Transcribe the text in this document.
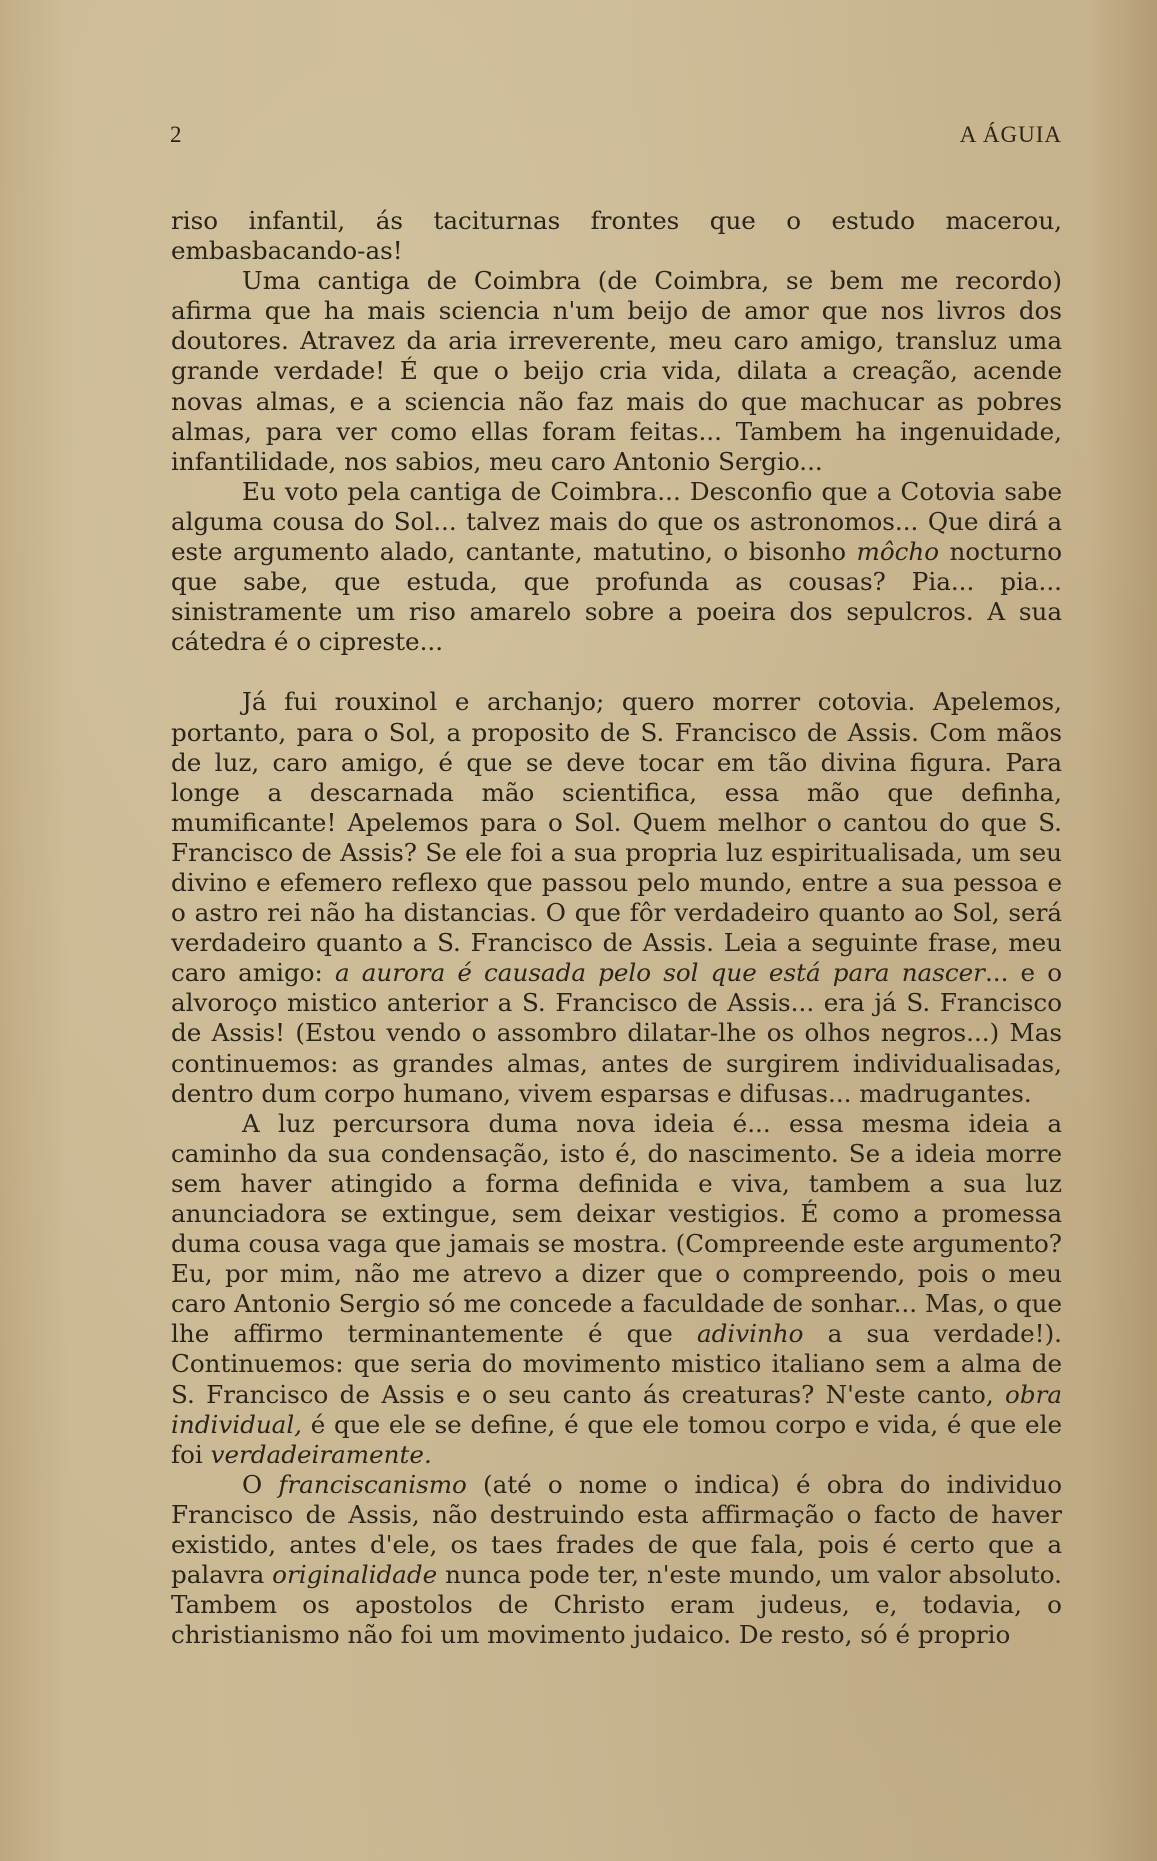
2	A ÁGUIA

riso infantil, ás taciturnas frontes que o estudo macerou, embasbacando-as!

Uma cantiga de Coimbra (de Coimbra, se bem me recordo) afirma que ha mais sciencia n'um beijo de amor que nos livros dos doutores. Atravez da aria irreverente, meu caro amigo, transluz uma grande verdade! É que o beijo cria vida, dilata a creação, acende novas almas, e a sciencia não faz mais do que machucar as pobres almas, para ver como ellas foram feitas... Tambem ha ingenuidade, infantilidade, nos sabios, meu caro Antonio Sergio...

Eu voto pela cantiga de Coimbra... Desconfio que a Cotovia sabe alguma cousa do Sol... talvez mais do que os astronomos... Que dirá a este argumento alado, cantante, matutino, o bisonho môcho nocturno que sabe, que estuda, que profunda as cousas? Pia... pia... sinistramente um riso amarelo sobre a poeira dos sepulcros. A sua cátedra é o cipreste...

Já fui rouxinol e archanjo; quero morrer cotovia. Apelemos, portanto, para o Sol, a proposito de S. Francisco de Assis. Com mãos de luz, caro amigo, é que se deve tocar em tão divina figura. Para longe a descarnada mão scientifica, essa mão que definha, mumificante! Apelemos para o Sol. Quem melhor o cantou do que S. Francisco de Assis? Se ele foi a sua propria luz espiritualisada, um seu divino e efemero reflexo que passou pelo mundo, entre a sua pessoa e o astro rei não ha distancias. O que fôr verdadeiro quanto ao Sol, será verdadeiro quanto a S. Francisco de Assis. Leia a seguinte frase, meu caro amigo: a aurora é causada pelo sol que está para nascer... e o alvoroço mistico anterior a S. Francisco de Assis... era já S. Francisco de Assis! (Estou vendo o assombro dilatar-lhe os olhos negros...) Mas continuemos: as grandes almas, antes de surgirem individualisadas, dentro dum corpo humano, vivem esparsas e difusas... madrugantes.

A luz percursora duma nova ideia é... essa mesma ideia a caminho da sua condensação, isto é, do nascimento. Se a ideia morre sem haver atingido a forma definida e viva, tambem a sua luz anunciadora se extingue, sem deixar vestigios. É como a promessa duma cousa vaga que jamais se mostra. (Compreende este argumento? Eu, por mim, não me atrevo a dizer que o compreendo, pois o meu caro Antonio Sergio só me concede a faculdade de sonhar... Mas, o que lhe affirmo terminantemente é que adivinho a sua verdade!). Continuemos: que seria do movimento mistico italiano sem a alma de S. Francisco de Assis e o seu canto ás creaturas? N'este canto, obra individual, é que ele se define, é que ele tomou corpo e vida, é que ele foi verdadeiramente.

O franciscanismo (até o nome o indica) é obra do individuo Francisco de Assis, não destruindo esta affirmação o facto de haver existido, antes d'ele, os taes frades de que fala, pois é certo que a palavra originalidade nunca pode ter, n'este mundo, um valor absoluto. Tambem os apostolos de Christo eram judeus, e, todavia, o christianismo não foi um movimento judaico. De resto, só é proprio
